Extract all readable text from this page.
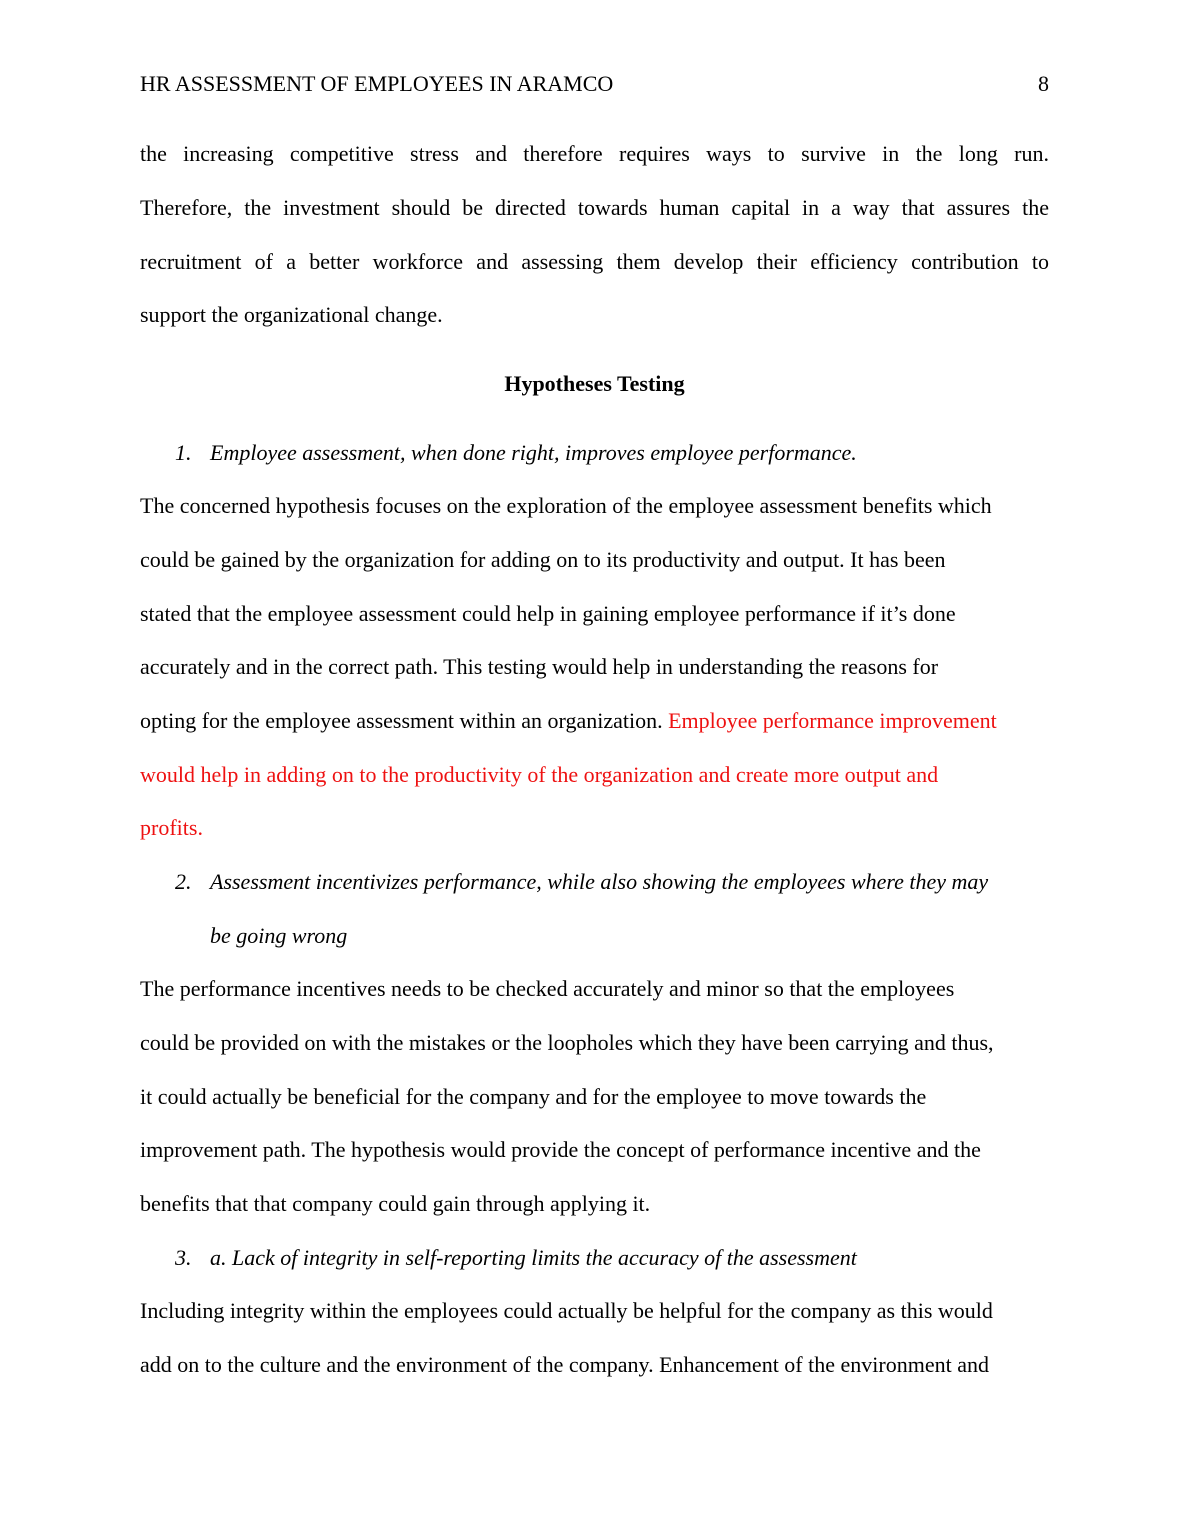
HR ASSESSMENT OF EMPLOYEES IN ARAMCO	8
the increasing competitive stress and therefore requires ways to survive in the long run.
Therefore, the investment should be directed towards human capital in a way that assures the
recruitment of a better workforce and assessing them develop their efficiency contribution to
support the organizational change.
Hypotheses Testing
1. Employee assessment, when done right, improves employee performance.
The concerned hypothesis focuses on the exploration of the employee assessment benefits which
could be gained by the organization for adding on to its productivity and output. It has been
stated that the employee assessment could help in gaining employee performance if it’s done
accurately and in the correct path. This testing would help in understanding the reasons for
opting for the employee assessment within an organization. Employee performance improvement
would help in adding on to the productivity of the organization and create more output and
profits.
2. Assessment incentivizes performance, while also showing the employees where they may
be going wrong
The performance incentives needs to be checked accurately and minor so that the employees
could be provided on with the mistakes or the loopholes which they have been carrying and thus,
it could actually be beneficial for the company and for the employee to move towards the
improvement path. The hypothesis would provide the concept of performance incentive and the
benefits that that company could gain through applying it.
3. a. Lack of integrity in self-reporting limits the accuracy of the assessment
Including integrity within the employees could actually be helpful for the company as this would
add on to the culture and the environment of the company. Enhancement of the environment and
